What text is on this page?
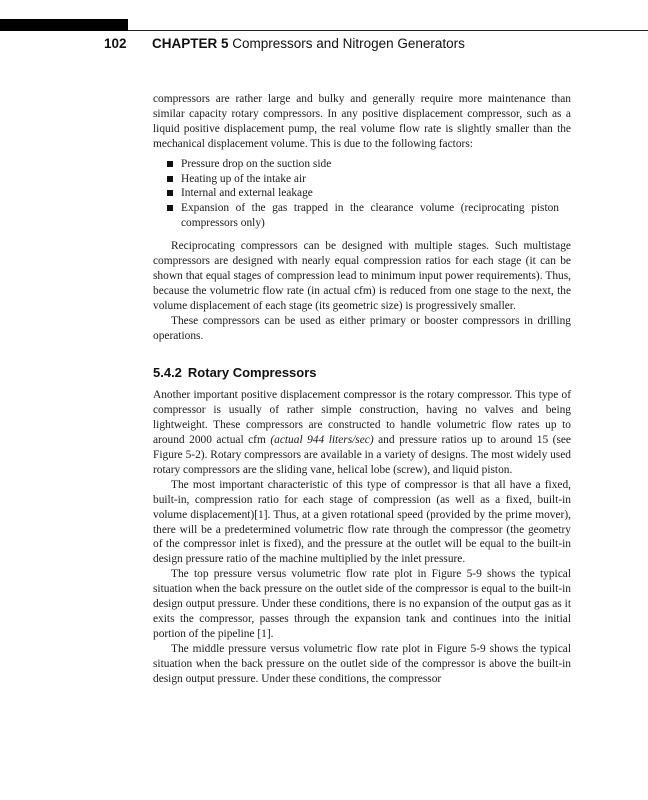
102 CHAPTER 5 Compressors and Nitrogen Generators

compressors are rather large and bulky and generally require more maintenance than similar capacity rotary compressors. In any positive displacement compressor, such as a liquid positive displacement pump, the real volume flow rate is slightly smaller than the mechanical displacement volume. This is due to the following factors:

Pressure drop on the suction side
Heating up of the intake air
Internal and external leakage
Expansion of the gas trapped in the clearance volume (reciprocating piston compressors only)

Reciprocating compressors can be designed with multiple stages. Such multistage compressors are designed with nearly equal compression ratios for each stage (it can be shown that equal stages of compression lead to minimum input power requirements). Thus, because the volumetric flow rate (in actual cfm) is reduced from one stage to the next, the volume displacement of each stage (its geometric size) is progressively smaller.

These compressors can be used as either primary or booster compressors in drilling operations.

5.4.2 Rotary Compressors

Another important positive displacement compressor is the rotary compressor. This type of compressor is usually of rather simple construction, having no valves and being lightweight. These compressors are constructed to handle volumetric flow rates up to around 2000 actual cfm (actual 944 liters/sec) and pressure ratios up to around 15 (see Figure 5-2). Rotary compressors are available in a variety of designs. The most widely used rotary compressors are the sliding vane, helical lobe (screw), and liquid piston.

The most important characteristic of this type of compressor is that all have a fixed, built-in, compression ratio for each stage of compression (as well as a fixed, built-in volume displacement)[1]. Thus, at a given rotational speed (provided by the prime mover), there will be a predetermined volumetric flow rate through the compressor (the geometry of the compressor inlet is fixed), and the pressure at the outlet will be equal to the built-in design pressure ratio of the machine multiplied by the inlet pressure.

The top pressure versus volumetric flow rate plot in Figure 5-9 shows the typical situation when the back pressure on the outlet side of the compressor is equal to the built-in design output pressure. Under these conditions, there is no expansion of the output gas as it exits the compressor, passes through the expansion tank and continues into the initial portion of the pipeline [1].

The middle pressure versus volumetric flow rate plot in Figure 5-9 shows the typical situation when the back pressure on the outlet side of the compressor is above the built-in design output pressure. Under these conditions, the compressor
